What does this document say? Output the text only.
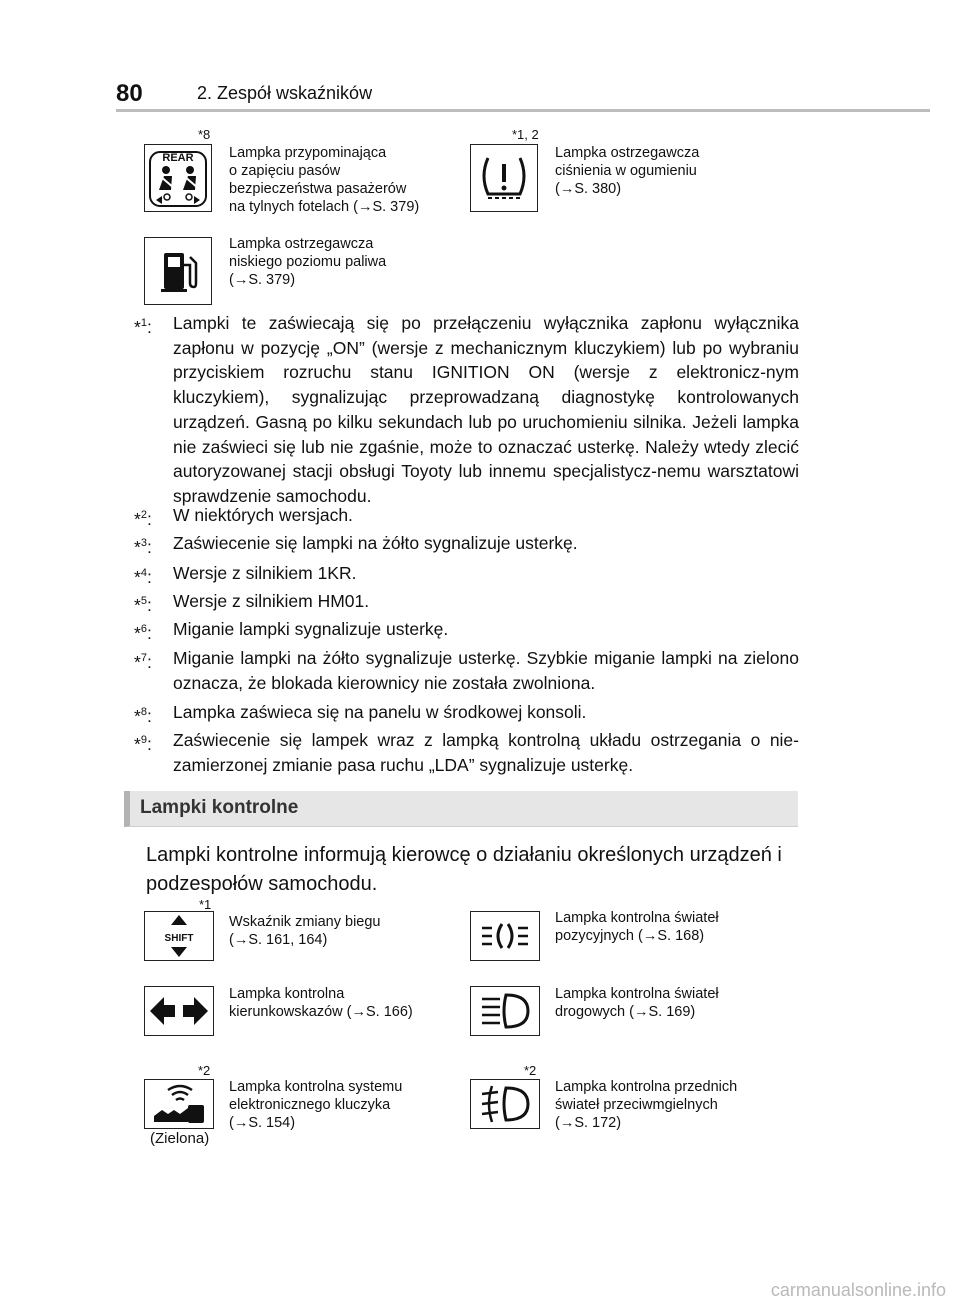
80	2. Zespół wskaźników
*8
REAR Lampka przypominająca
o zapięciu pasów
bezpieczeństwa pasażerów
na tylnych fotelach (→S. 379)
*1, 2
Lampka ostrzegawcza
ciśnienia w ogumieniu
(→S. 380)
Lampka ostrzegawcza
niskiego poziomu paliwa
(→S. 379)
*$^1$: Lampki te zaświecają się po przełączeniu wyłącznika zapłonu wyłącznika zapłonu w pozycję „ON” (wersje z mechanicznym kluczykiem) lub po wybraniu przyciskiem rozruchu stanu IGNITION ON (wersje z elektronicz-nym kluczykiem), sygnalizując przeprowadzaną diagnostykę kontrolowanych urządzeń. Gasną po kilku sekundach lub po uruchomieniu silnika. Jeżeli lampka nie zaświeci się lub nie zgaśnie, może to oznaczać usterkę. Należy wtedy zlecić autoryzowanej stacji obsługi Toyoty lub innemu specjalistycz-nemu warsztatowi sprawdzenie samochodu.
*$^2$: W niektórych wersjach.
*$^3$: Zaświecenie się lampki na żółto sygnalizuje usterkę.
*$^4$: Wersje z silnikiem 1KR.
*$^5$: Wersje z silnikiem HM01.
*$^6$: Miganie lampki sygnalizuje usterkę.
*$^7$: Miganie lampki na żółto sygnalizuje usterkę. Szybkie miganie lampki na zielono oznacza, że blokada kierownicy nie została zwolniona.
*$^8$: Lampka zaświeca się na panelu w środkowej konsoli.
*$^9$: Zaświecenie się lampek wraz z lampką kontrolną układu ostrzegania o nie-zamierzonej zmianie pasa ruchu „LDA” sygnalizuje usterkę.
Lampki kontrolne
Lampki kontrolne informują kierowcę o działaniu określonych urządzeń i podzespołów samochodu.
*1
SHIFT
Wskaźnik zmiany biegu
(→S. 161, 164)
Lampka kontrolna świateł
pozycyjnych (→S. 168)
Lampka kontrolna
kierunkowskazów (→S. 166)
Lampka kontrolna świateł
drogowych (→S. 169)
*2
(Zielona)
Lampka kontrolna systemu
elektronicznego kluczyka
(→S. 154)
*2
Lampka kontrolna przednich
świateł przeciwmgielnych
(→S. 172)
carmanualsonline.info
